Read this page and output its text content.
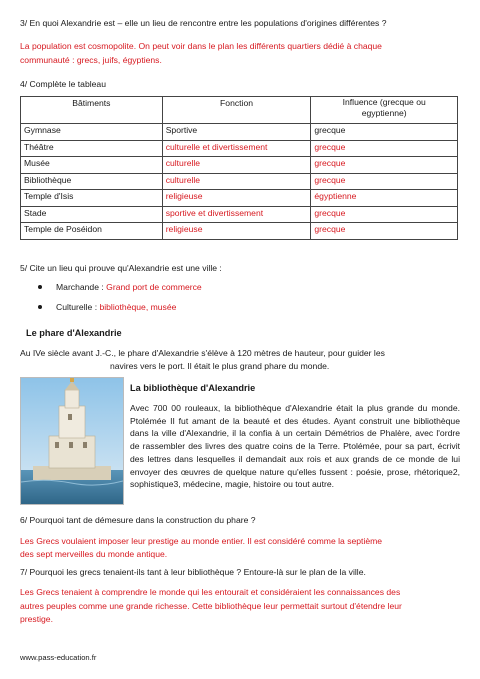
3/ En quoi Alexandrie est – elle un lieu de rencontre entre les populations d'origines différentes ?

La population est cosmopolite. On peut voir dans le plan les différents quartiers dédié à chaque

communauté : grecs, juifs, égyptiens.

4/ Complète le tableau

Bâtiments	Fonction	Influence (grecque ou
egyptienne)
Gymnase	Sportive	grecque
Théâtre	culturelle et divertissement	grecque
Musée	culturelle	grecque
Bibliothèque	culturelle	grecque
Temple d'Isis	religieuse	égyptienne
Stade	sportive et divertissement	grecque
Temple de Poséidon	religieuse	grecque

5/ Cite un lieu qui prouve qu'Alexandrie est une ville :

Marchande : Grand port de commerce
Culturelle : bibliothèque, musée

Le phare d'Alexandrie

Au IVe siècle avant J.-C., le phare d'Alexandrie s'élève à 120 mètres de hauteur, pour guider les

navires vers le port. Il était le plus grand phare du monde.

La bibliothèque d'Alexandrie

Avec 700 00 rouleaux, la bibliothèque d'Alexandrie était la plus grande du monde. Ptolémée II fut amant de la beauté et des études. Ayant construit une bibliothèque dans la ville d'Alexandrie, il la confia à un certain Démétrios de Phalère, avec l'ordre de rassembler des livres des quatre coins de la Terre. Ptolémée, pour sa part, écrivit des lettres dans lesquelles il demandait aux rois et aux grands de ce monde de lui envoyer des œuvres de quelque nature qu'elles fussent : poésie, prose, rhétorique2, sophistique3, médecine, magie, histoire ou tout autre.

6/ Pourquoi tant de démesure dans la construction du phare ?

Les Grecs voulaient imposer leur prestige au monde entier. Il est considéré comme la septième

des sept merveilles du monde antique.

7/ Pourquoi les grecs tenaient-ils tant à leur bibliothèque ? Entoure-là sur le plan de la ville.

Les Grecs tenaient à comprendre le monde qui les entourait et considéraient les connaissances des

autres peuples comme une grande richesse. Cette bibliothèque leur permettait surtout d'étendre leur

prestige.

www.pass-education.fr
